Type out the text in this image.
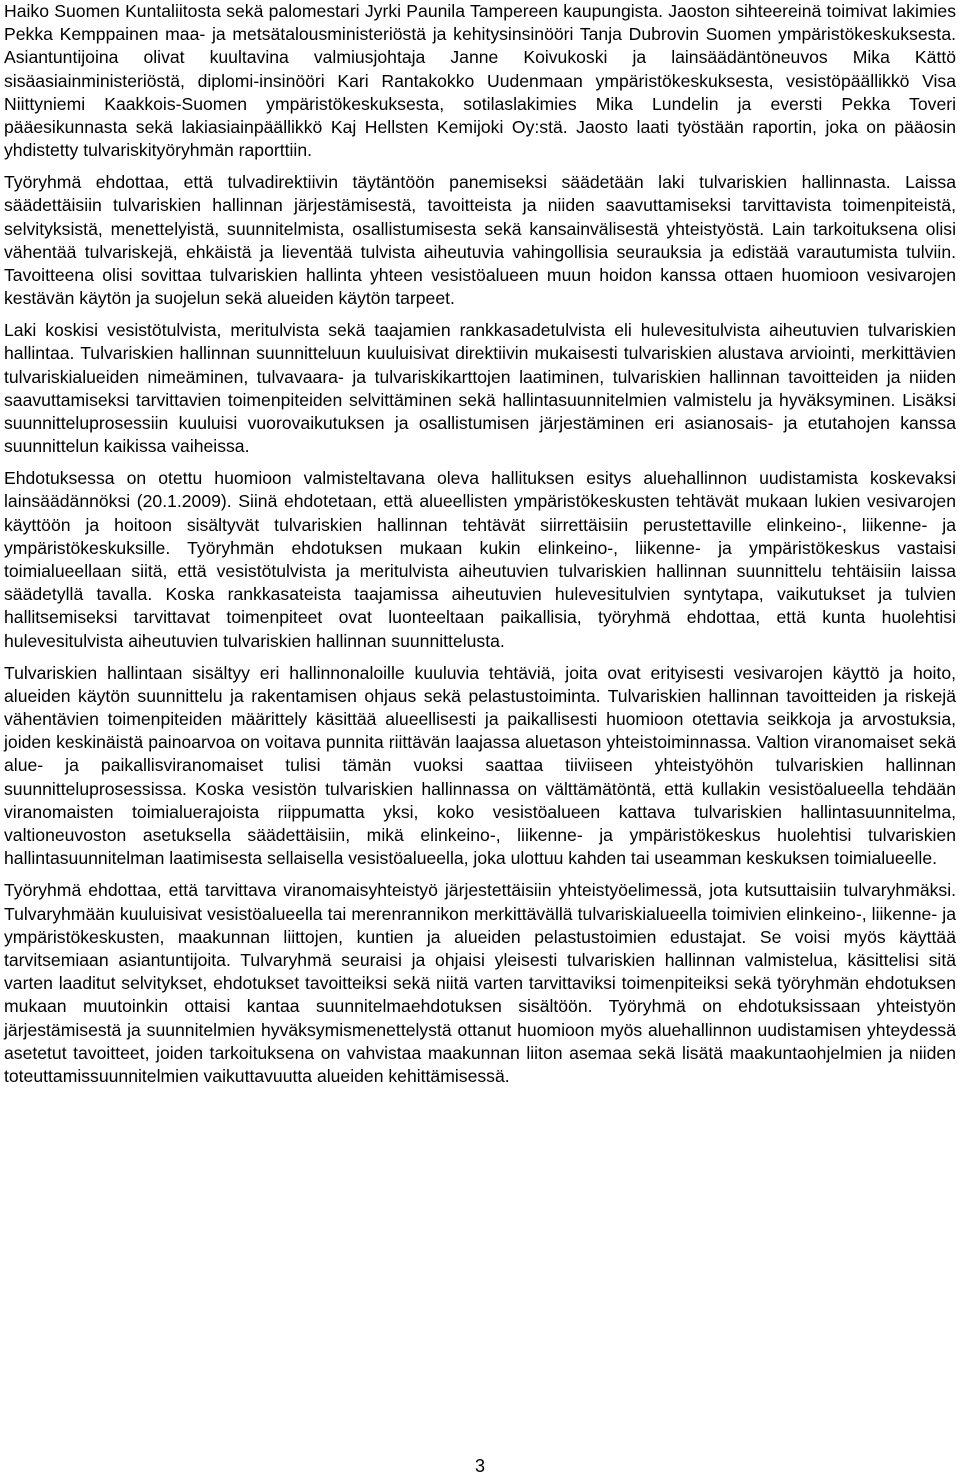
Haiko Suomen Kuntaliitosta sekä palomestari Jyrki Paunila Tampereen kaupungista. Jaoston sihteereinä toimivat lakimies Pekka Kemppainen maa- ja metsätalousministeriöstä ja kehitysinsinööri Tanja Dubrovin Suomen ympäristökeskuksesta. Asiantuntijoina olivat kuultavina valmiusjohtaja Janne Koivukoski ja lainsäädäntöneuvos Mika Kättö sisäasiainministeriöstä, diplomi-insinööri Kari Rantakokko Uudenmaan ympäristökeskuksesta, vesistöpäällikkö Visa Niittyniemi Kaakkois-Suomen ympäristökeskuksesta, sotilaslakimies Mika Lundelin ja eversti Pekka Toveri pääesikunnasta sekä lakiasiainpäällikkö Kaj Hellsten Kemijoki Oy:stä. Jaosto laati työstään raportin, joka on pääosin yhdistetty tulvariskityöryhmän raporttiin.

Työryhmä ehdottaa, että tulvadirektiivin täytäntöön panemiseksi säädetään laki tulvariskien hallinnasta. Laissa säädettäisiin tulvariskien hallinnan järjestämisestä, tavoitteista ja niiden saavuttamiseksi tarvittavista toimenpiteistä, selvityksistä, menettelyistä, suunnitelmista, osallistumisesta sekä kansainvälisestä yhteistyöstä. Lain tarkoituksena olisi vähentää tulvariskejä, ehkäistä ja lieventää tulvista aiheutuvia vahingollisia seurauksia ja edistää varautumista tulviin. Tavoitteena olisi sovittaa tulvariskien hallinta yhteen vesistöalueen muun hoidon kanssa ottaen huomioon vesivarojen kestävän käytön ja suojelun sekä alueiden käytön tarpeet.

Laki koskisi vesistötulvista, meritulvista sekä taajamien rankkasadetulvista eli hulevesitulvista aiheutuvien tulvariskien hallintaa. Tulvariskien hallinnan suunnitteluun kuuluisivat direktiivin mukaisesti tulvariskien alustava arviointi, merkittävien tulvariskialueiden nimeäminen, tulvavaara- ja tulvariskikarttojen laatiminen, tulvariskien hallinnan tavoitteiden ja niiden saavuttamiseksi tarvittavien toimenpiteiden selvittäminen sekä hallintasuunnitelmien valmistelu ja hyväksyminen. Lisäksi suunnitteluprosessiin kuuluisi vuorovaikutuksen ja osallistumisen järjestäminen eri asianosais- ja etutahojen kanssa suunnittelun kaikissa vaiheissa.

Ehdotuksessa on otettu huomioon valmisteltavana oleva hallituksen esitys aluehallinnon uudistamista koskevaksi lainsäädännöksi (20.1.2009). Siinä ehdotetaan, että alueellisten ympäristökeskusten tehtävät mukaan lukien vesivarojen käyttöön ja hoitoon sisältyvät tulvariskien hallinnan tehtävät siirrettäisiin perustettaville elinkeino-, liikenne- ja ympäristökeskuksille. Työryhmän ehdotuksen mukaan kukin elinkeino-, liikenne- ja ympäristökeskus vastaisi toimialueellaan siitä, että vesistötulvista ja meritulvista aiheutuvien tulvariskien hallinnan suunnittelu tehtäisiin laissa säädetyllä tavalla. Koska rankkasateista taajamissa aiheutuvien hulevesitulvien syntytapa, vaikutukset ja tulvien hallitsemiseksi tarvittavat toimenpiteet ovat luonteeltaan paikallisia, työryhmä ehdottaa, että kunta huolehtisi hulevesitulvista aiheutuvien tulvariskien hallinnan suunnittelusta.

Tulvariskien hallintaan sisältyy eri hallinnonaloille kuuluvia tehtäviä, joita ovat erityisesti vesivarojen käyttö ja hoito, alueiden käytön suunnittelu ja rakentamisen ohjaus sekä pelastustoiminta. Tulvariskien hallinnan tavoitteiden ja riskejä vähentävien toimenpiteiden määrittely käsittää alueellisesti ja paikallisesti huomioon otettavia seikkoja ja arvostuksia, joiden keskinäistä painoarvoa on voitava punnita riittävän laajassa aluetason yhteistoiminnassa. Valtion viranomaiset sekä alue- ja paikallisviranomaiset tulisi tämän vuoksi saattaa tiiviiseen yhteistyöhön tulvariskien hallinnan suunnitteluprosessissa. Koska vesistön tulvariskien hallinnassa on välttämätöntä, että kullakin vesistöalueella tehdään viranomaisten toimialuerajoista riippumatta yksi, koko vesistöalueen kattava tulvariskien hallintasuunnitelma, valtioneuvoston asetuksella säädettäisiin, mikä elinkeino-, liikenne- ja ympäristökeskus huolehtisi tulvariskien hallintasuunnitelman laatimisesta sellaisella vesistöalueella, joka ulottuu kahden tai useamman keskuksen toimialueelle.

Työryhmä ehdottaa, että tarvittava viranomaisyhteistyö järjestettäisiin yhteistyöelimessä, jota kutsuttaisiin tulvaryhmäksi. Tulvaryhmään kuuluisivat vesistöalueella tai merenrannikon merkittävällä tulvariskialueella toimivien elinkeino-, liikenne- ja ympäristökeskusten, maakunnan liittojen, kuntien ja alueiden pelastustoimien edustajat. Se voisi myös käyttää tarvitsemiaan asiantuntijoita. Tulvaryhmä seuraisi ja ohjaisi yleisesti tulvariskien hallinnan valmistelua, käsittelisi sitä varten laaditut selvitykset, ehdotukset tavoitteiksi sekä niitä varten tarvittaviksi toimenpiteiksi sekä työryhmän ehdotuksen mukaan muutoinkin ottaisi kantaa suunnitelmaehdotuksen sisältöön. Työryhmä on ehdotuksissaan yhteistyön järjestämisestä ja suunnitelmien hyväksymismenettelystä ottanut huomioon myös aluehallinnon uudistamisen yhteydessä asetetut tavoitteet, joiden tarkoituksena on vahvistaa maakunnan liiton asemaa sekä lisätä maakuntaohjelmien ja niiden toteuttamissuunnitelmien vaikuttavuutta alueiden kehittämisessä.

3
